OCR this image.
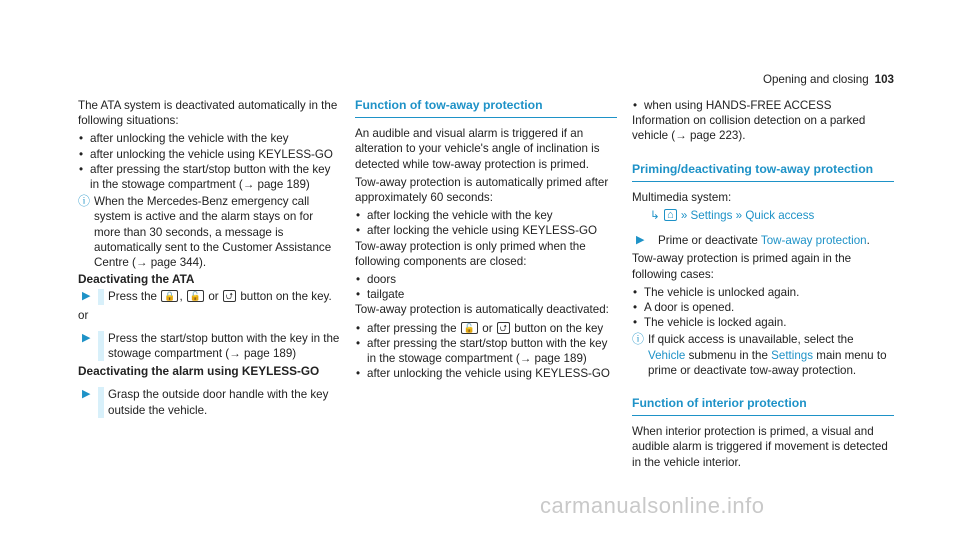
Opening and closing 103

The ATA system is deactivated automatically in the following situations:

• after unlocking the vehicle with the key
• after unlocking the vehicle using KEYLESS-GO
• after pressing the start/stop button with the key in the stowage compartment (→ page 189)
ⓘ When the Mercedes-Benz emergency call system is active and the alarm stays on for more than 30 seconds, a message is automatically sent to the Customer Assistance Centre (→ page 344).

Deactivating the ATA

▶	Press the 🔒 , 🔓 or ⮍ button on the key.

or

▶	Press the start/stop button with the key in the stowage compartment (→ page 189)

Deactivating the alarm using KEYLESS-GO

▶	Grasp the outside door handle with the key outside the vehicle.
Function of tow-away protection

An audible and visual alarm is triggered if an alteration to your vehicle's angle of inclination is detected while tow-away protection is primed.

Tow-away protection is automatically primed after approximately 60 seconds:

• after locking the vehicle with the key
• after locking the vehicle using KEYLESS-GO

Tow-away protection is only primed when the following components are closed:

• doors
• tailgate

Tow-away protection is automatically deactivated:

• after pressing the 🔓 or ⮍ button on the key
• after pressing the start/stop button with the key in the stowage compartment (→ page 189)
• after unlocking the vehicle using KEYLESS-GO
• when using HANDS-FREE ACCESS

Information on collision detection on a parked vehicle (→ page 223).

Priming/deactivating tow-away protection

Multimedia system:

↳ ⌂ » Settings » Quick access
▶	Prime or deactivate Tow-away protection.

Tow-away protection is primed again in the following cases:

• The vehicle is unlocked again.
• A door is opened.
• The vehicle is locked again.
ⓘ If quick access is unavailable, select the Vehicle submenu in the Settings main menu to prime or deactivate tow-away protection.
Function of interior protection

When interior protection is primed, a visual and audible alarm is triggered if movement is detected in the vehicle interior.

carmanualsonline.info
